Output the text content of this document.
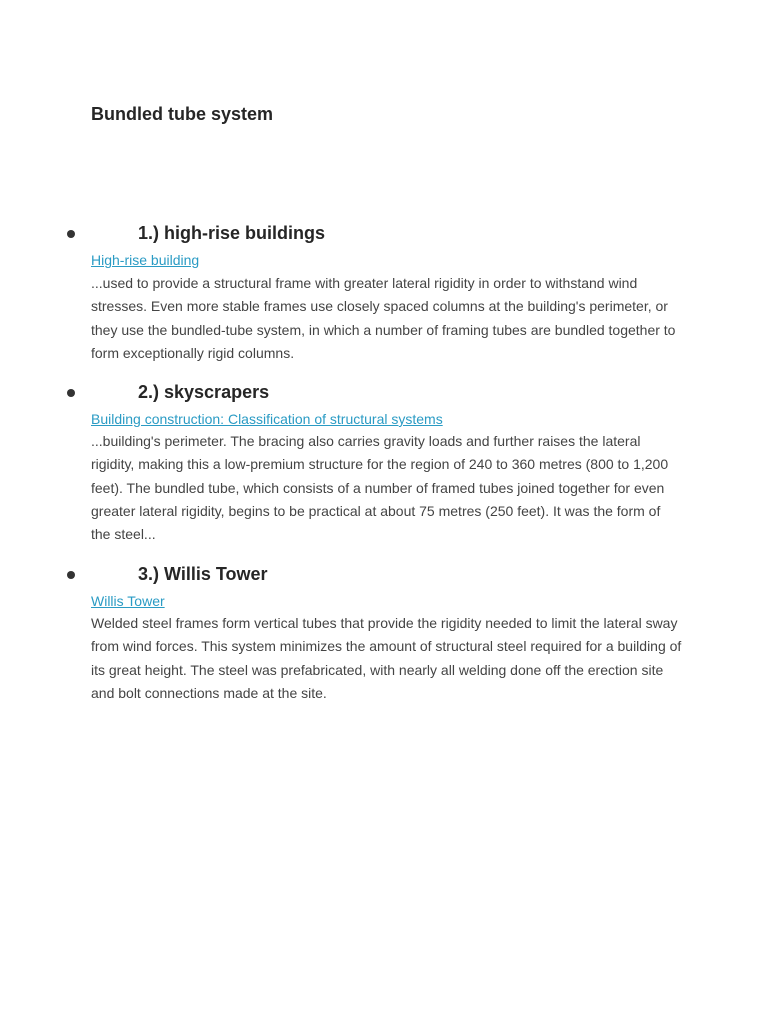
Bundled tube system
1.) high-rise buildings
High-rise building

...used to provide a structural frame with greater lateral rigidity in order to withstand wind stresses. Even more stable frames use closely spaced columns at the building's perimeter, or they use the bundled-tube system, in which a number of framing tubes are bundled together to form exceptionally rigid columns.

2.) skyscrapers
Building construction: Classification of structural systems

...building's perimeter. The bracing also carries gravity loads and further raises the lateral rigidity, making this a low-premium structure for the region of 240 to 360 metres (800 to 1,200 feet). The bundled tube, which consists of a number of framed tubes joined together for even greater lateral rigidity, begins to be practical at about 75 metres (250 feet). It was the form of the steel...

3.) Willis Tower
Willis Tower

Welded steel frames form vertical tubes that provide the rigidity needed to limit the lateral sway from wind forces. This system minimizes the amount of structural steel required for a building of its great height. The steel was prefabricated, with nearly all welding done off the erection site and bolt connections made at the site.
